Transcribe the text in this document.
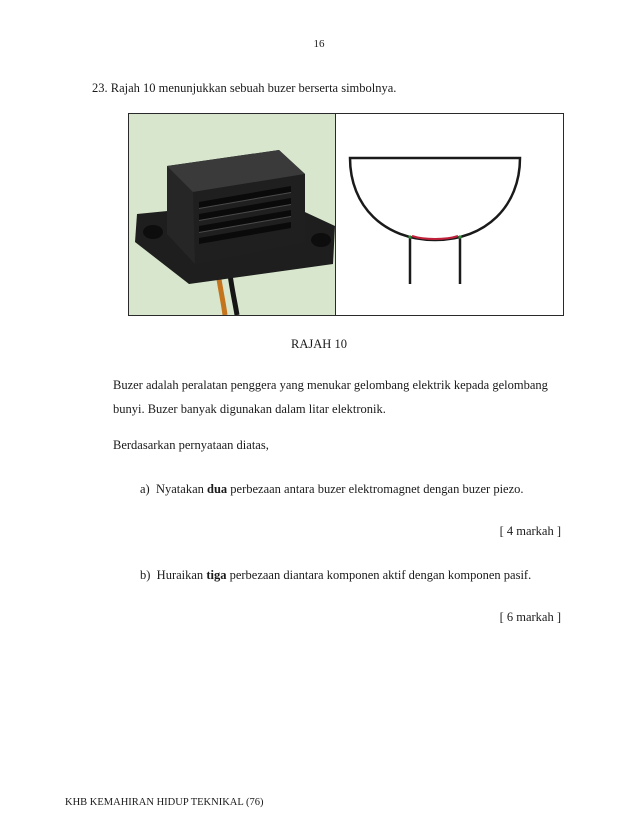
16
23. Rajah 10 menunjukkan sebuah buzer berserta simbolnya.
RAJAH 10
Buzer adalah peralatan penggera yang menukar gelombang elektrik kepada gelombang
bunyi. Buzer banyak digunakan dalam litar elektronik.
Berdasarkan pernyataan diatas,
a) Nyatakan dua perbezaan antara buzer elektromagnet dengan buzer piezo.
[ 4 markah ]
b) Huraikan tiga perbezaan diantara komponen aktif dengan komponen pasif.
[ 6 markah ]
KHB KEMAHIRAN HIDUP TEKNIKAL (76)
